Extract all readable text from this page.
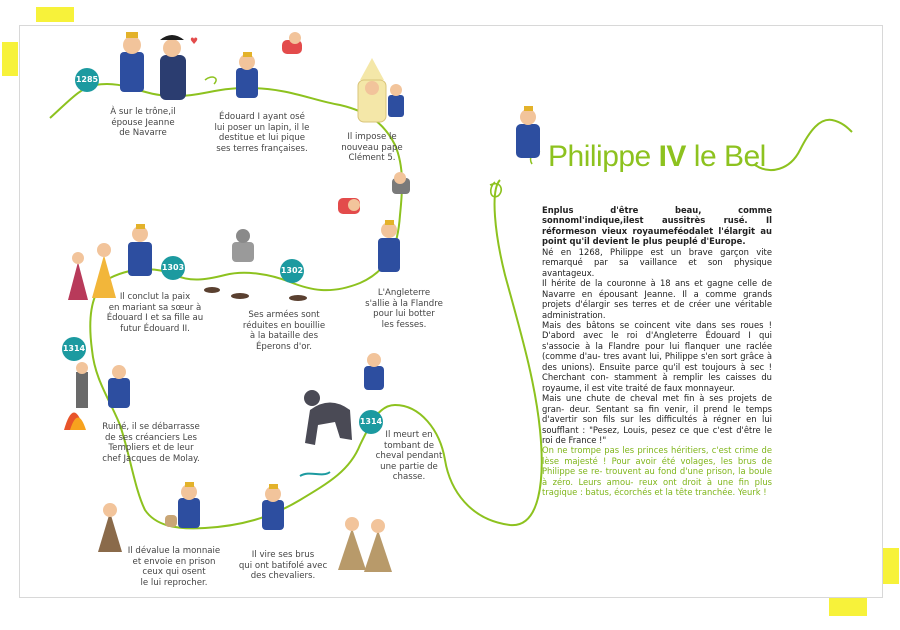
♥
1285
1303	1302
1314
1314
À sur le trône,il
épouse Jeanne
de Navarre
Édouard I ayant osé
lui poser un lapin, il le
destitue et lui pique
ses terres françaises.
Il impose le
nouveau pape
Clément 5.
L'Angleterre
s'allie à la Flandre
pour lui botter
les fesses.
Ses armées sont
réduites en bouillie
à la bataille des
Éperons d'or.
Il conclut la paix
en mariant sa sœur à
Édouard I et sa fille au
futur Édouard II.
Ruiné, il se débarrasse
de ses créanciers Les
Templiers et de leur
chef Jacques de Molay.
Il meurt en
tombant de
cheval pendant
une partie de
chasse.
Il dévalue la monnaie
et envoie en prison
ceux qui osent
le lui reprocher.
Il vire ses brus
qui ont batifolé avec
des chevaliers.
Philippe IV le Bel

Enplus d'être beau, comme sonnoml'indique,ilest aussitrès rusé. Il réformeson vieux royaumeféodalet l'élargit au point qu'il devient le plus peuplé d'Europe.

Né en 1268, Philippe est un brave garçon vite remarqué par sa vaillance et son physique avantageux.

Il hérite de la couronne à 18 ans et gagne celle de Navarre en épousant Jeanne. Il a comme grands projets d'élargir ses terres et de créer une véritable administration.

Mais des bâtons se coincent vite dans ses roues ! D'abord avec le roi d'Angleterre Édouard I qui s'associe à la Flandre pour lui flanquer une raclée (comme d'au- tres avant lui, Philippe s'en sort grâce à des unions). Ensuite parce qu'il est toujours à sec ! Cherchant con- stamment à remplir les caisses du royaume, il est vite traité de faux monnayeur.

Mais une chute de cheval met fin à ses projets de gran- deur. Sentant sa fin venir, il prend le temps d'avertir son fils sur les difficultés à régner en lui soufflant : "Pesez, Louis, pesez ce que c'est d'être le roi de France !"

On ne trompe pas les princes héritiers, c'est crime de lèse majesté ! Pour avoir été volages, les brus de Philippe se re- trouvent au fond d'une prison, la boule à zéro. Leurs amou- reux ont droit à une fin plus tragique : batus, écorchés et la tête tranchée. Yeurk !
